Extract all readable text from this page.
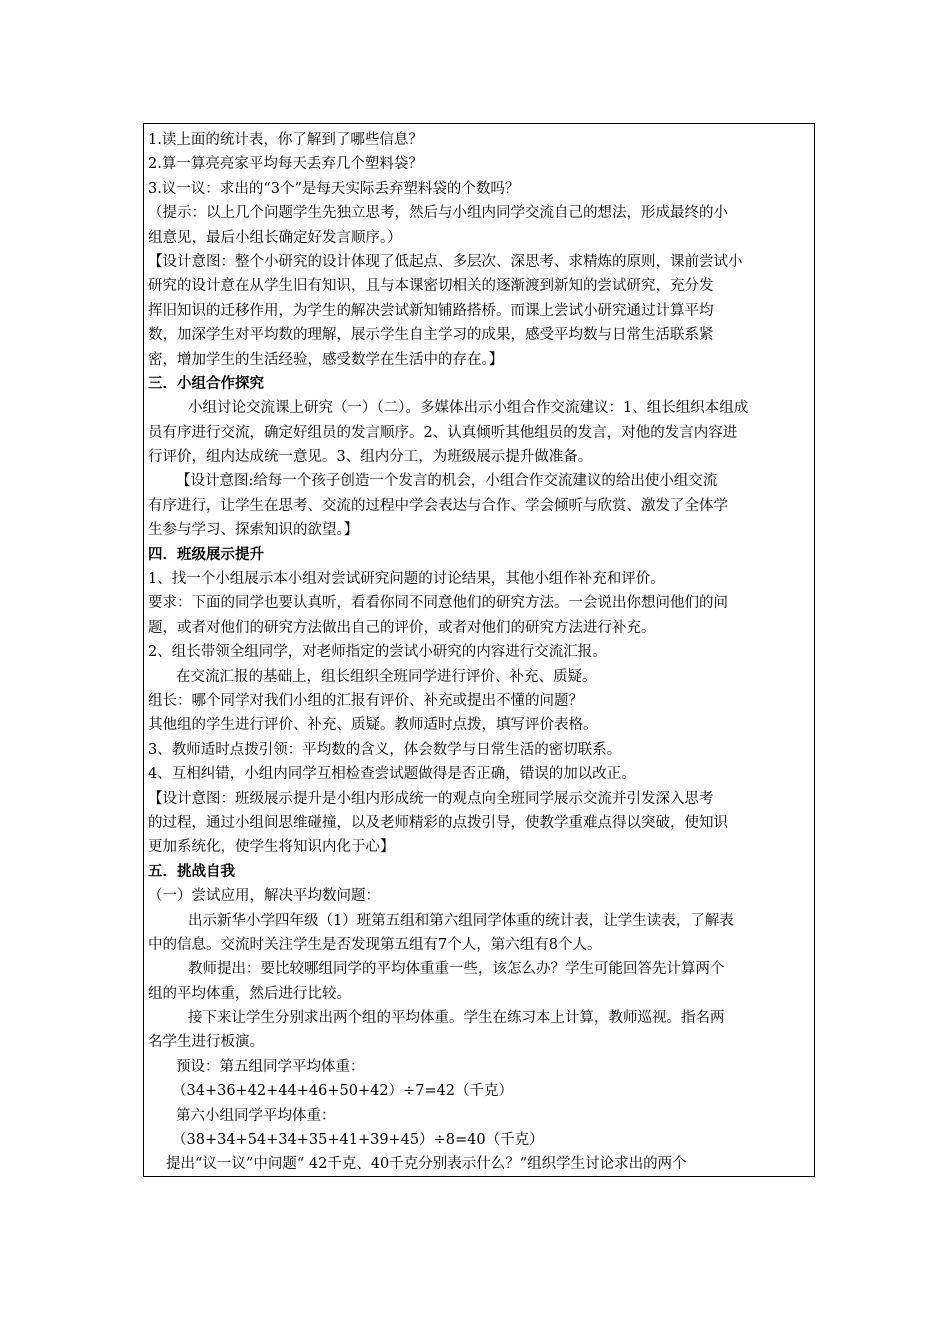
1.读上面的统计表，你了解到了哪些信息？
2.算一算亮亮家平均每天丢弃几个塑料袋？
3.议一议：求出的“3个”是每天实际丢弃塑料袋的个数吗？
（提示：以上几个问题学生先独立思考，然后与小组内同学交流自己的想法，形成最终的小
组意见，最后小组长确定好发言顺序。）
【设计意图：整个小研究的设计体现了低起点、多层次、深思考、求精炼的原则，课前尝试小
研究的设计意在从学生旧有知识，且与本课密切相关的逐渐渡到新知的尝试研究，充分发
挥旧知识的迁移作用，为学生的解决尝试新知铺路搭桥。而课上尝试小研究通过计算平均
数，加深学生对平均数的理解，展示学生自主学习的成果，感受平均数与日常生活联系紧
密，增加学生的生活经验，感受数学在生活中的存在。】
三．小组合作探究
小组讨论交流课上研究（一）（二）。多媒体出示小组合作交流建议：1、组长组织本组成
员有序进行交流，确定好组员的发言顺序。2、认真倾听其他组员的发言，对他的发言内容进
行评价，组内达成统一意见。3、组内分工，为班级展示提升做准备。
【设计意图:给每一个孩子创造一个发言的机会，小组合作交流建议的给出使小组交流
有序进行，让学生在思考、交流的过程中学会表达与合作、学会倾听与欣赏、激发了全体学
生参与学习、探索知识的欲望。】
四．班级展示提升
1、找一个小组展示本小组对尝试研究问题的讨论结果，其他小组作补充和评价。
要求：下面的同学也要认真听，看看你同不同意他们的研究方法。一会说出你想问他们的问
题，或者对他们的研究方法做出自己的评价，或者对他们的研究方法进行补充。
2、组长带领全组同学，对老师指定的尝试小研究的内容进行交流汇报。
在交流汇报的基础上，组长组织全班同学进行评价、补充、质疑。
组长：哪个同学对我们小组的汇报有评价、补充或提出不懂的问题？
其他组的学生进行评价、补充、质疑。教师适时点拨，填写评价表格。
3、教师适时点拨引领：平均数的含义，体会数学与日常生活的密切联系。
4、互相纠错，小组内同学互相检查尝试题做得是否正确，错误的加以改正。
【设计意图：班级展示提升是小组内形成统一的观点向全班同学展示交流并引发深入思考
的过程，通过小组间思维碰撞，以及老师精彩的点拨引导，使教学重难点得以突破，使知识
更加系统化，使学生将知识内化于心】
五．挑战自我
（一）尝试应用，解决平均数问题：
出示新华小学四年级（1）班第五组和第六组同学体重的统计表，让学生读表，了解表
中的信息。交流时关注学生是否发现第五组有7个人，第六组有8个人。
教师提出：要比较哪组同学的平均体重重一些，该怎么办？学生可能回答先计算两个
组的平均体重，然后进行比较。
接下来让学生分别求出两个组的平均体重。学生在练习本上计算，教师巡视。指名两
名学生进行板演。
预设：第五组同学平均体重：
（34+36+42+44+46+50+42）÷7=42（千克）
第六小组同学平均体重：
（38+34+54+34+35+41+39+45）÷8=40（千克）
提出“议一议”中问题“ 42千克、40千克分别表示什么？”组织学生讨论求出的两个
